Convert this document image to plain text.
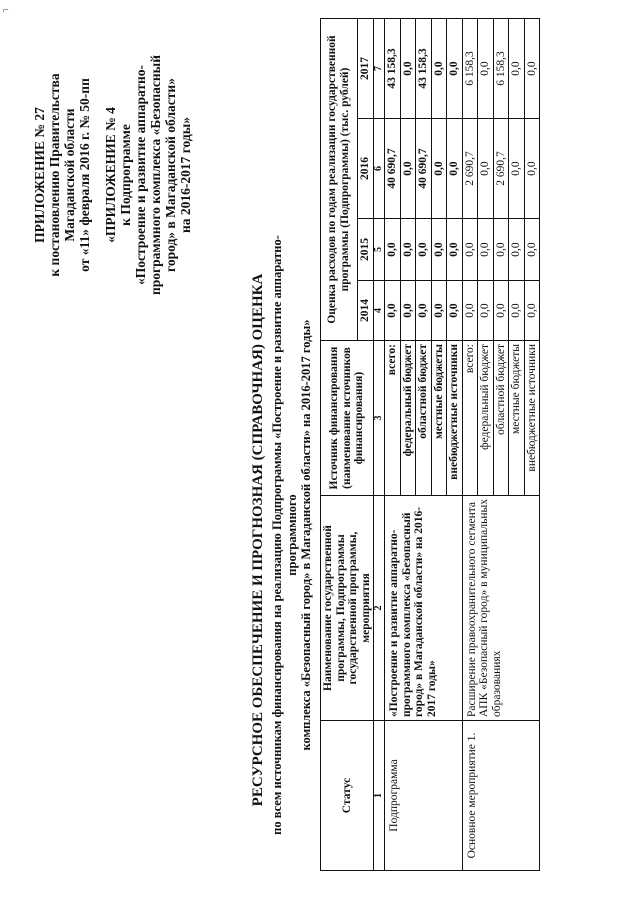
⌐
ПРИЛОЖЕНИЕ № 27 к постановлению Правительства Магаданской области от «11» февраля 2016 г. № 50-пп «ПРИЛОЖЕНИЕ № 4 к Подпрограмме «Построение и развитие аппаратно- программного комплекса «Безопасный город» в Магаданской области» на 2016-2017 годы»
РЕСУРСНОЕ ОБЕСПЕЧЕНИЕ И ПРОГНОЗНАЯ (СПРАВОЧНАЯ) ОЦЕНКА по всем источникам финансирования на реализацию Подпрограммы «Построение и развитие аппаратно-программного комплекса «Безопасный город» в Магаданской области» на 2016-2017 годы»
Статус	Наименование государственной программы, Подпрограммы государственной программы, мероприятия	Источник финансирования (наименование источников финансирования)	Оценка расходов по годам реализации государственной программы (Подпрограммы) (тыс. рублей)			
			2014	2015	2016	2017
1	2	3	4	5	6	7
Подпрограмма	«Построение и развитие аппаратно-программного комплекса «Безопасный город» в Магаданской области» на 2016-2017 годы»	всего:	0,0	0,0	40 690,7	43 158,3
		федеральный бюджет	0,0	0,0	0,0	0,0
		областной бюджет	0,0	0,0	40 690,7	43 158,3
		местные бюджеты	0,0	0,0	0,0	0,0
		внебюджетные источники	0,0	0,0	0,0	0,0
Основное мероприятие 1.	Расширение правоохранительного сегмента АПК «Безопасный город» в муниципальных образованиях	всего:	0,0	0,0	2 690,7	6 158,3
		федеральный бюджет	0,0	0,0	0,0	0,0
		областной бюджет	0,0	0,0	2 690,7	6 158,3
		местные бюджеты	0,0	0,0	0,0	0,0
		внебюджетные источники	0,0	0,0	0,0	0,0
